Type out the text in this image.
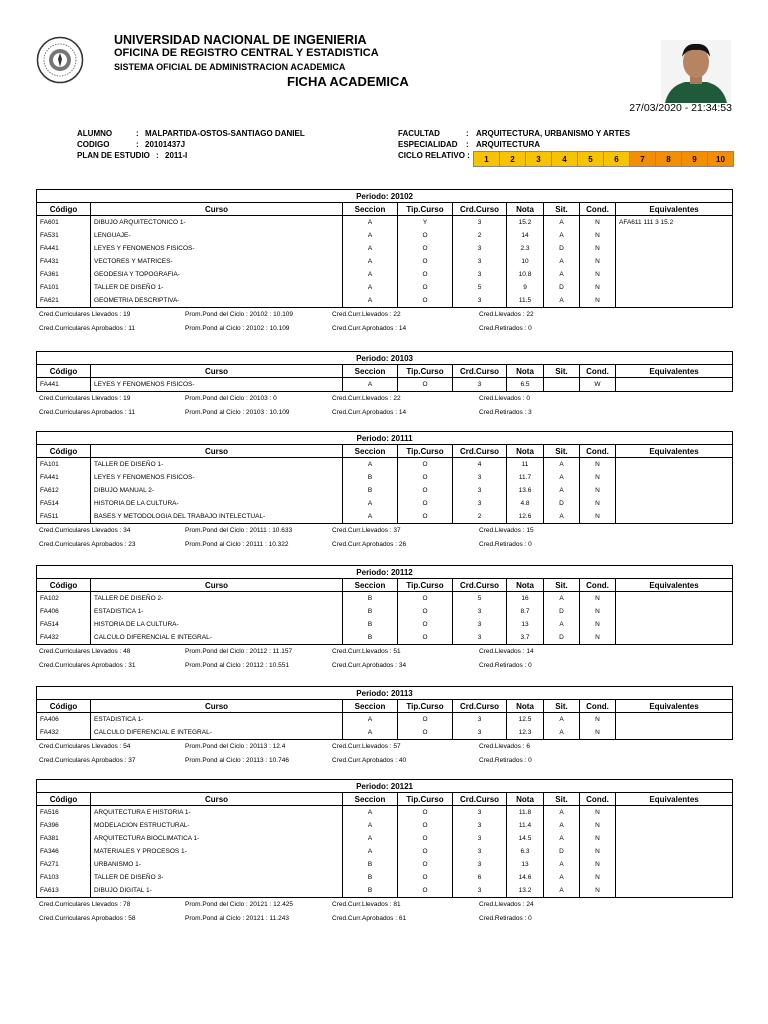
UNIVERSIDAD NACIONAL DE INGENIERIA
OFICINA DE REGISTRO CENTRAL Y ESTADISTICA
SISTEMA OFICIAL DE ADMINISTRACION ACADEMICA
FICHA ACADEMICA
27/03/2020 - 21:34:53
ALUMNO	: MALPARTIDA-OSTOS-SANTIAGO DANIEL
CODIGO	: 20101437J
PLAN DE ESTUDIO : 2011-I
FACULTAD	: ARQUITECTURA, URBANISMO Y ARTES
ESPECIALIDAD : ARQUITECTURA
CICLO RELATIVO :	1	2	3	4	5	6	7	8	9	10
Periodo: 20102								
Código	Curso	Seccion	Tip.Curso	Crd.Curso	Nota	Sit.	Cond.	Equivalentes
FA601	DIBUJO ARQUITECTONICO 1-	A	Y	3	15.2	A	N	AFA611 111 3 15.2
FA531	LENGUAJE-	A	O	2	14	A	N	
FA441	LEYES Y FENOMENOS FISICOS-	A	O	3	2.3	D	N	
FA431	VECTORES Y MATRICES-	A	O	3	10	A	N	
FA361	GEODESIA Y TOPOGRAFIA-	A	O	3	10.8	A	N	
FA101	TALLER DE DISEÑO 1-	A	O	5	9	D	N	
FA621	GEOMETRIA DESCRIPTIVA-	A	O	3	11.5	A	N	
Cred.Curriculares Llevados : 19	Prom.Pond del Ciclo : 20102 : 10.109	Cred.Curr.Llevados : 22	Cred.Llevados : 22
Cred.Curriculares Aprobados : 11	Prom.Pond al Ciclo : 20102 : 10.109	Cred.Curr.Aprobados : 14	Cred.Retirados : 0
Periodo: 20103								
Código	Curso	Seccion	Tip.Curso	Crd.Curso	Nota	Sit.	Cond.	Equivalentes
FA441	LEYES Y FENOMENOS FISICOS-	A	O	3	6.5		W	
Cred.Curriculares Llevados : 19	Prom.Pond del Ciclo : 20103 : 0	Cred.Curr.Llevados : 22	Cred.Llevados : 0
Cred.Curriculares Aprobados : 11	Prom.Pond al Ciclo : 20103 : 10.109	Cred.Curr.Aprobados : 14	Cred.Retirados : 3
Periodo: 20111								
Código	Curso	Seccion	Tip.Curso	Crd.Curso	Nota	Sit.	Cond.	Equivalentes
FA101	TALLER DE DISEÑO 1-	A	O	4	11	A	N	
FA441	LEYES Y FENOMENOS FISICOS-	B	O	3	11.7	A	N	
FA612	DIBUJO MANUAL 2-	B	O	3	13.6	A	N	
FA514	HISTORIA DE LA CULTURA-	A	O	3	4.8	D	N	
FA511	BASES Y METODOLOGIA DEL TRABAJO INTELECTUAL-	A	O	2	12.6	A	N	
Cred.Curriculares Llevados : 34	Prom.Pond del Ciclo : 20111 : 10.633	Cred.Curr.Llevados : 37	Cred.Llevados : 15
Cred.Curriculares Aprobados : 23	Prom.Pond al Ciclo : 20111 : 10.322	Cred.Curr.Aprobados : 26	Cred.Retirados : 0
Periodo: 20112								
Código	Curso	Seccion	Tip.Curso	Crd.Curso	Nota	Sit.	Cond.	Equivalentes
FA102	TALLER DE DISEÑO 2-	B	O	5	16	A	N	
FA406	ESTADISTICA 1-	B	O	3	8.7	D	N	
FA514	HISTORIA DE LA CULTURA-	B	O	3	13	A	N	
FA432	CALCULO DIFERENCIAL E INTEGRAL-	B	O	3	3.7	D	N	
Cred.Curriculares Llevados : 48	Prom.Pond del Ciclo : 20112 : 11.157	Cred.Curr.Llevados : 51	Cred.Llevados : 14
Cred.Curriculares Aprobados : 31	Prom.Pond al Ciclo : 20112 : 10.551	Cred.Curr.Aprobados : 34	Cred.Retirados : 0
Periodo: 20113								
Código	Curso	Seccion	Tip.Curso	Crd.Curso	Nota	Sit.	Cond.	Equivalentes
FA406	ESTADISTICA 1-	A	O	3	12.5	A	N	
FA432	CALCULO DIFERENCIAL E INTEGRAL-	A	O	3	12.3	A	N	
Cred.Curriculares Llevados : 54	Prom.Pond del Ciclo : 20113 : 12.4	Cred.Curr.Llevados : 57	Cred.Llevados : 6
Cred.Curriculares Aprobados : 37	Prom.Pond al Ciclo : 20113 : 10.746	Cred.Curr.Aprobados : 40	Cred.Retirados : 0
Periodo: 20121								
Código	Curso	Seccion	Tip.Curso	Crd.Curso	Nota	Sit.	Cond.	Equivalentes
FA516	ARQUITECTURA E HISTORIA 1-	A	O	3	11.8	A	N	
FA396	MODELACION ESTRUCTURAL-	A	O	3	11.4	A	N	
FA381	ARQUITECTURA BIOCLIMATICA 1-	A	O	3	14.5	A	N	
FA346	MATERIALES Y PROCESOS 1-	A	O	3	6.3	D	N	
FA271	URBANISMO 1-	B	O	3	13	A	N	
FA103	TALLER DE DISEÑO 3-	B	O	6	14.6	A	N	
FA613	DIBUJO DIGITAL 1-	B	O	3	13.2	A	N	
Cred.Curriculares Llevados : 78	Prom.Pond del Ciclo : 20121 : 12.425	Cred.Curr.Llevados : 81	Cred.Llevados : 24
Cred.Curriculares Aprobados : 58	Prom.Pond al Ciclo : 20121 : 11.243	Cred.Curr.Aprobados : 61	Cred.Retirados : 0
